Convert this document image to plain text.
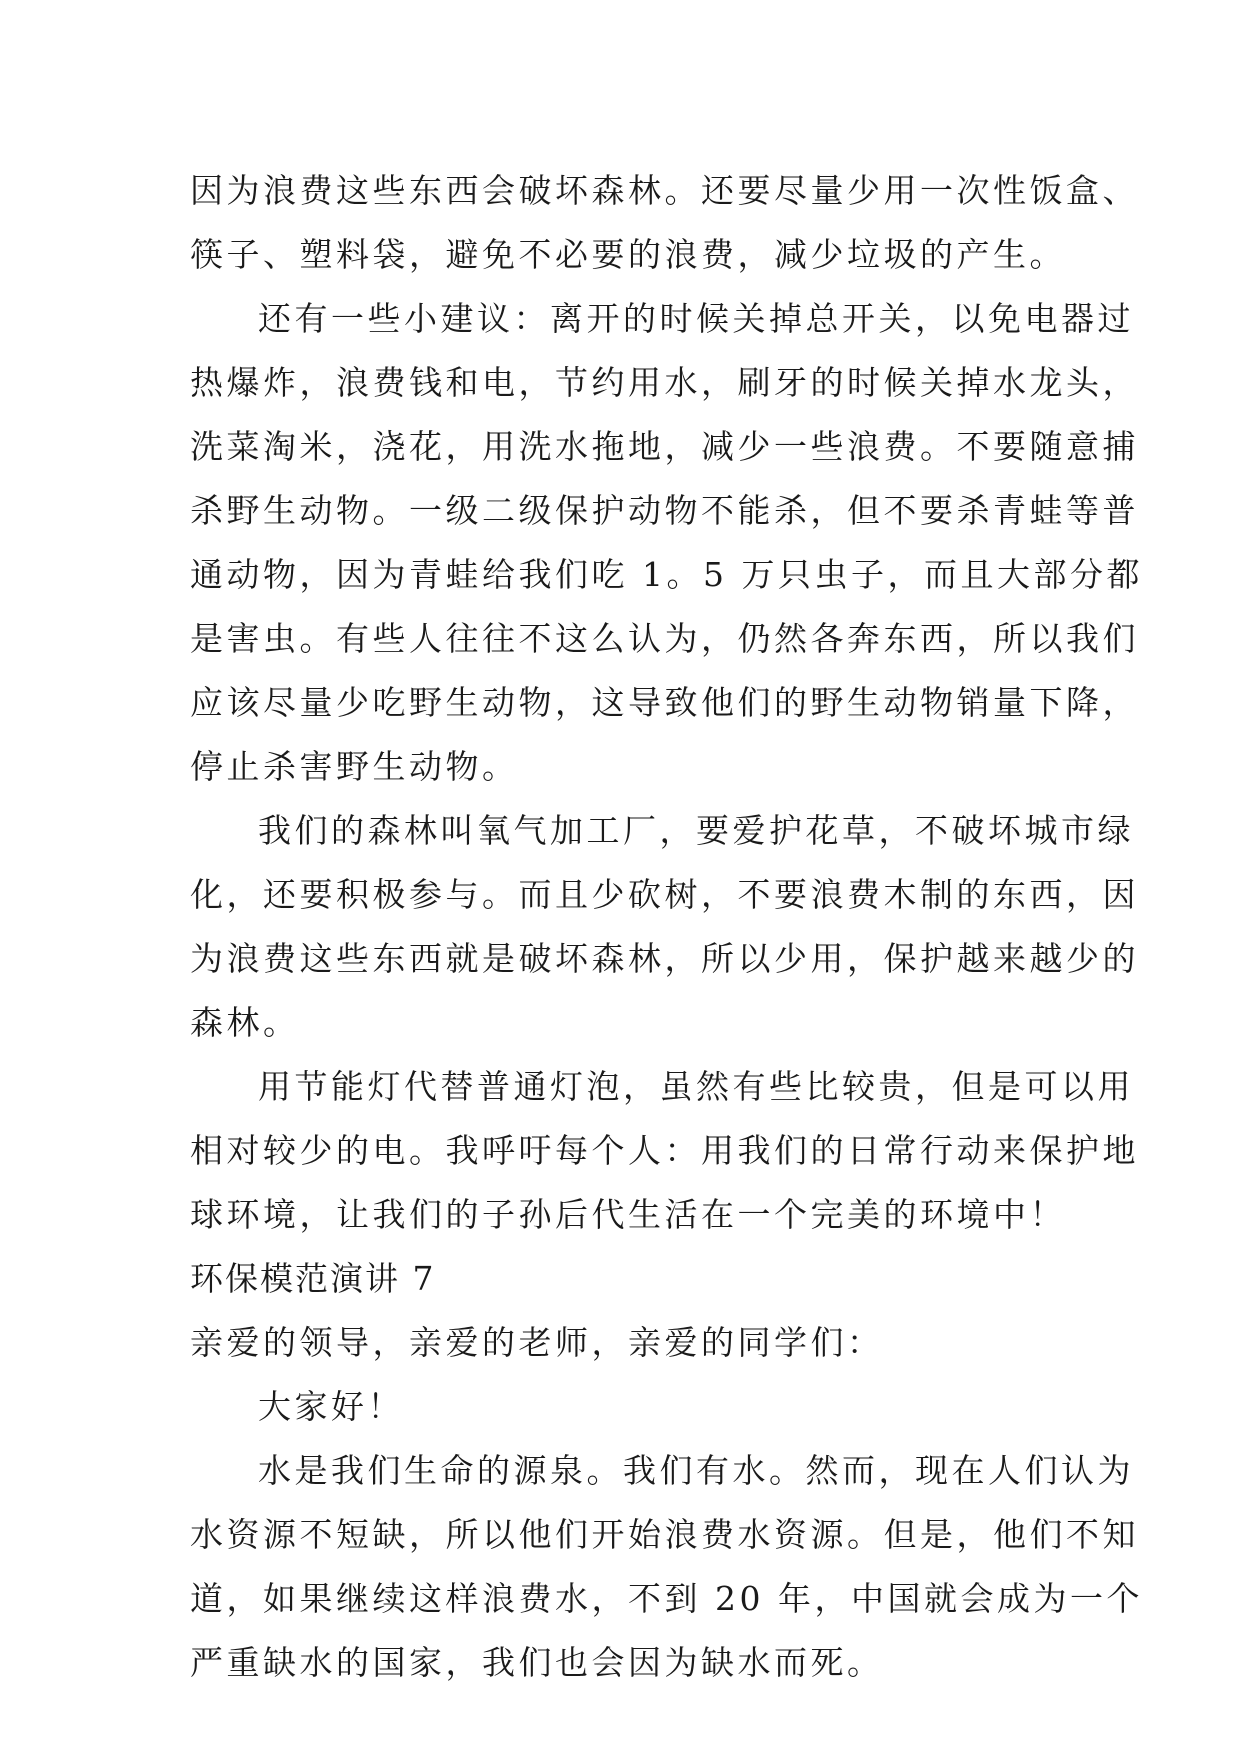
因为浪费这些东西会破坏森林。还要尽量少用一次性饭盒、
筷子、塑料袋，避免不必要的浪费，减少垃圾的产生。
还有一些小建议：离开的时候关掉总开关，以免电器过
热爆炸，浪费钱和电，节约用水，刷牙的时候关掉水龙头，
洗菜淘米，浇花，用洗水拖地，减少一些浪费。不要随意捕
杀野生动物。一级二级保护动物不能杀，但不要杀青蛙等普
通动物，因为青蛙给我们吃 1。5 万只虫子，而且大部分都
是害虫。有些人往往不这么认为，仍然各奔东西，所以我们
应该尽量少吃野生动物，这导致他们的野生动物销量下降，
停止杀害野生动物。
我们的森林叫氧气加工厂，要爱护花草，不破坏城市绿
化，还要积极参与。而且少砍树，不要浪费木制的东西，因
为浪费这些东西就是破坏森林，所以少用，保护越来越少的
森林。
用节能灯代替普通灯泡，虽然有些比较贵，但是可以用
相对较少的电。我呼吁每个人：用我们的日常行动来保护地
球环境，让我们的子孙后代生活在一个完美的环境中！
环保模范演讲 7
亲爱的领导，亲爱的老师，亲爱的同学们：
大家好！
水是我们生命的源泉。我们有水。然而，现在人们认为
水资源不短缺，所以他们开始浪费水资源。但是，他们不知
道，如果继续这样浪费水，不到 20 年，中国就会成为一个
严重缺水的国家，我们也会因为缺水而死。
